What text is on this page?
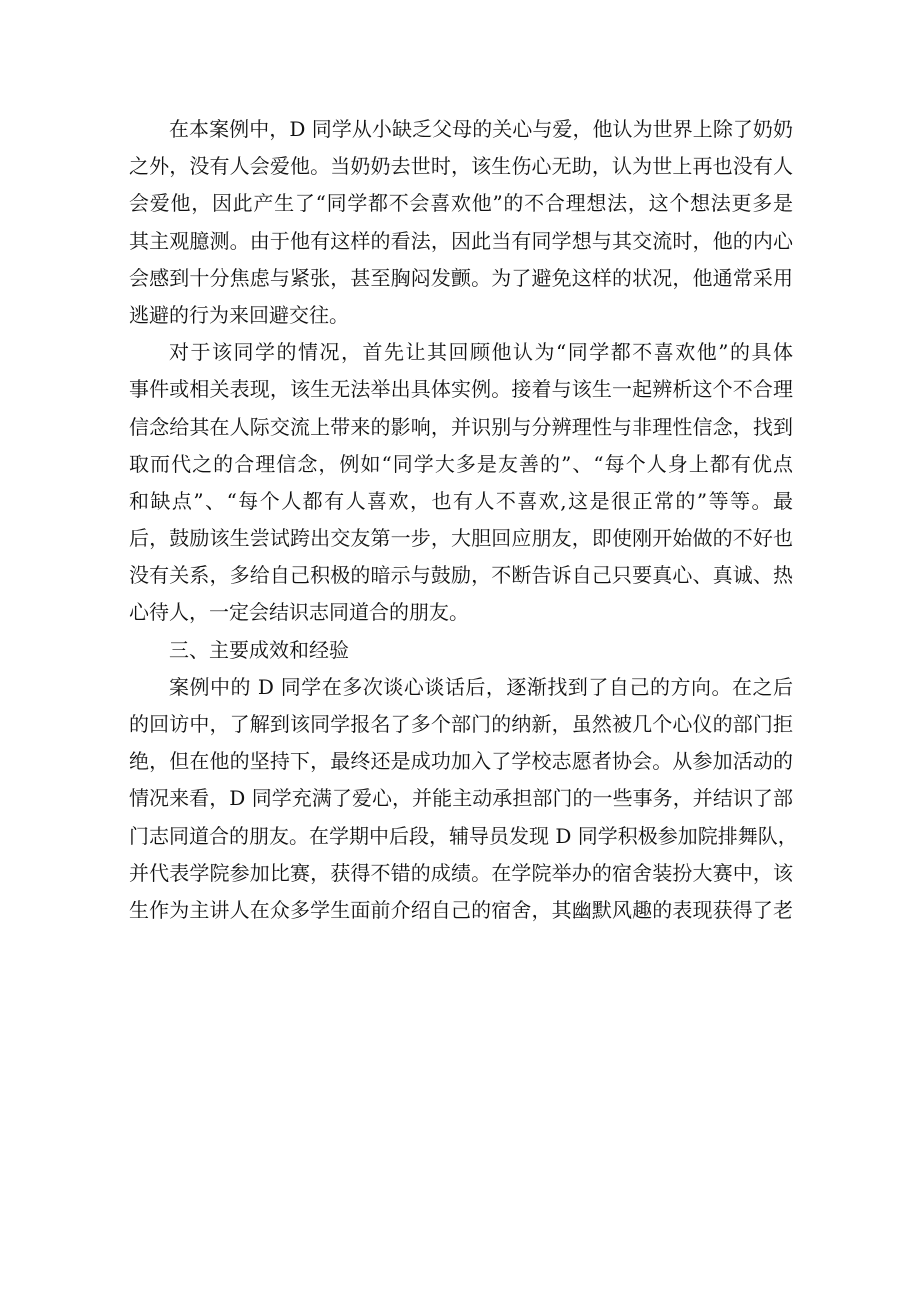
在本案例中，D 同学从小缺乏父母的关心与爱，他认为世界上除了奶奶
之外，没有人会爱他。当奶奶去世时，该生伤心无助，认为世上再也没有人
会爱他，因此产生了“同学都不会喜欢他”的不合理想法，这个想法更多是
其主观臆测。由于他有这样的看法，因此当有同学想与其交流时，他的内心
会感到十分焦虑与紧张，甚至胸闷发颤。为了避免这样的状况，他通常采用
逃避的行为来回避交往。
对于该同学的情况，首先让其回顾他认为“同学都不喜欢他”的具体
事件或相关表现，该生无法举出具体实例。接着与该生一起辨析这个不合理
信念给其在人际交流上带来的影响，并识别与分辨理性与非理性信念，找到
取而代之的合理信念，例如“同学大多是友善的”、“每个人身上都有优点
和缺点”、“每个人都有人喜欢，也有人不喜欢,这是很正常的”等等。最
后，鼓励该生尝试跨出交友第一步，大胆回应朋友，即使刚开始做的不好也
没有关系，多给自己积极的暗示与鼓励，不断告诉自己只要真心、真诚、热
心待人，一定会结识志同道合的朋友。
三、主要成效和经验
案例中的 D 同学在多次谈心谈话后，逐渐找到了自己的方向。在之后
的回访中，了解到该同学报名了多个部门的纳新，虽然被几个心仪的部门拒
绝，但在他的坚持下，最终还是成功加入了学校志愿者协会。从参加活动的
情况来看，D 同学充满了爱心，并能主动承担部门的一些事务，并结识了部
门志同道合的朋友。在学期中后段，辅导员发现 D 同学积极参加院排舞队，
并代表学院参加比赛，获得不错的成绩。在学院举办的宿舍装扮大赛中，该
生作为主讲人在众多学生面前介绍自己的宿舍，其幽默风趣的表现获得了老
